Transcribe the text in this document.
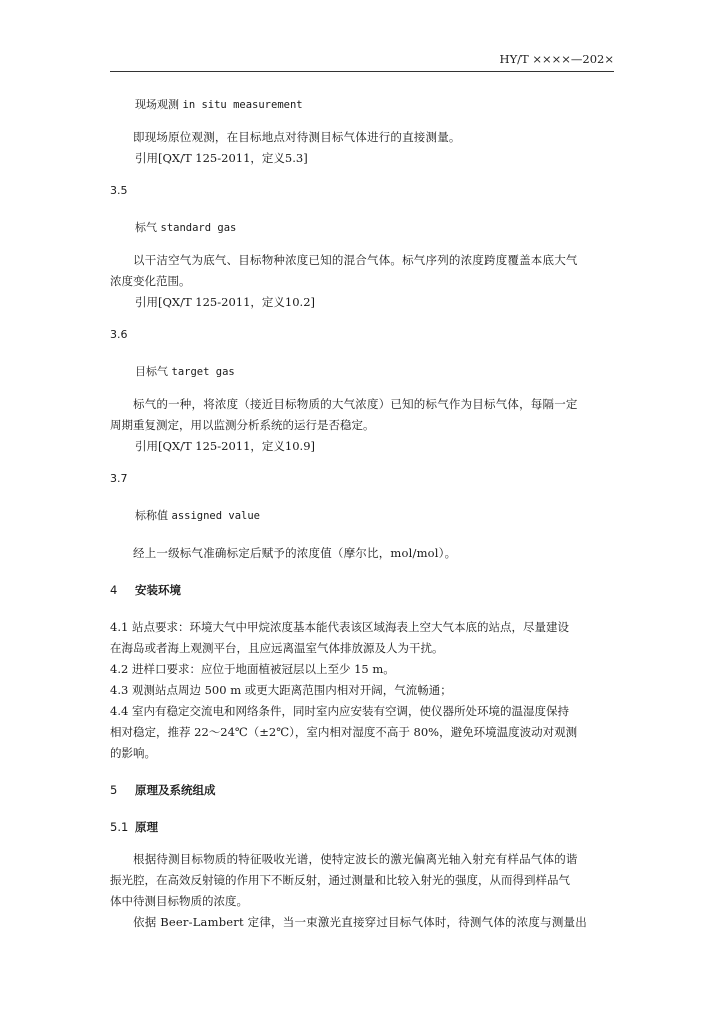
HY/T ××××—202×

现场观测 in situ measurement

即现场原位观测，在目标地点对待测目标气体进行的直接测量。

引用[QX/T 125-2011，定义5.3]

3.5

标气 standard gas

以干洁空气为底气、目标物种浓度已知的混合气体。标气序列的浓度跨度覆盖本底大气

浓度变化范围。

引用[QX/T 125-2011，定义10.2]

3.6

目标气 target gas

标气的一种，将浓度（接近目标物质的大气浓度）已知的标气作为目标气体，每隔一定

周期重复测定，用以监测分析系统的运行是否稳定。

引用[QX/T 125-2011，定义10.9]

3.7

标称值 assigned value

经上一级标气准确标定后赋予的浓度值（摩尔比，mol/mol）。

4 安装环境

4.1 站点要求：环境大气中甲烷浓度基本能代表该区域海表上空大气本底的站点，尽量建设

在海岛或者海上观测平台，且应远离温室气体排放源及人为干扰。

4.2 进样口要求：应位于地面植被冠层以上至少 15 m。

4.3 观测站点周边 500 m 或更大距离范围内相对开阔，气流畅通；

4.4 室内有稳定交流电和网络条件，同时室内应安装有空调，使仪器所处环境的温湿度保持

相对稳定，推荐 22～24℃（±2℃），室内相对湿度不高于 80%，避免环境温度波动对观测

的影响。

5 原理及系统组成

5.1 原理

根据待测目标物质的特征吸收光谱，使特定波长的激光偏离光轴入射充有样品气体的谐

振光腔，在高效反射镜的作用下不断反射，通过测量和比较入射光的强度，从而得到样品气

体中待测目标物质的浓度。

依据 Beer-Lambert 定律，当一束激光直接穿过目标气体时，待测气体的浓度与测量出
